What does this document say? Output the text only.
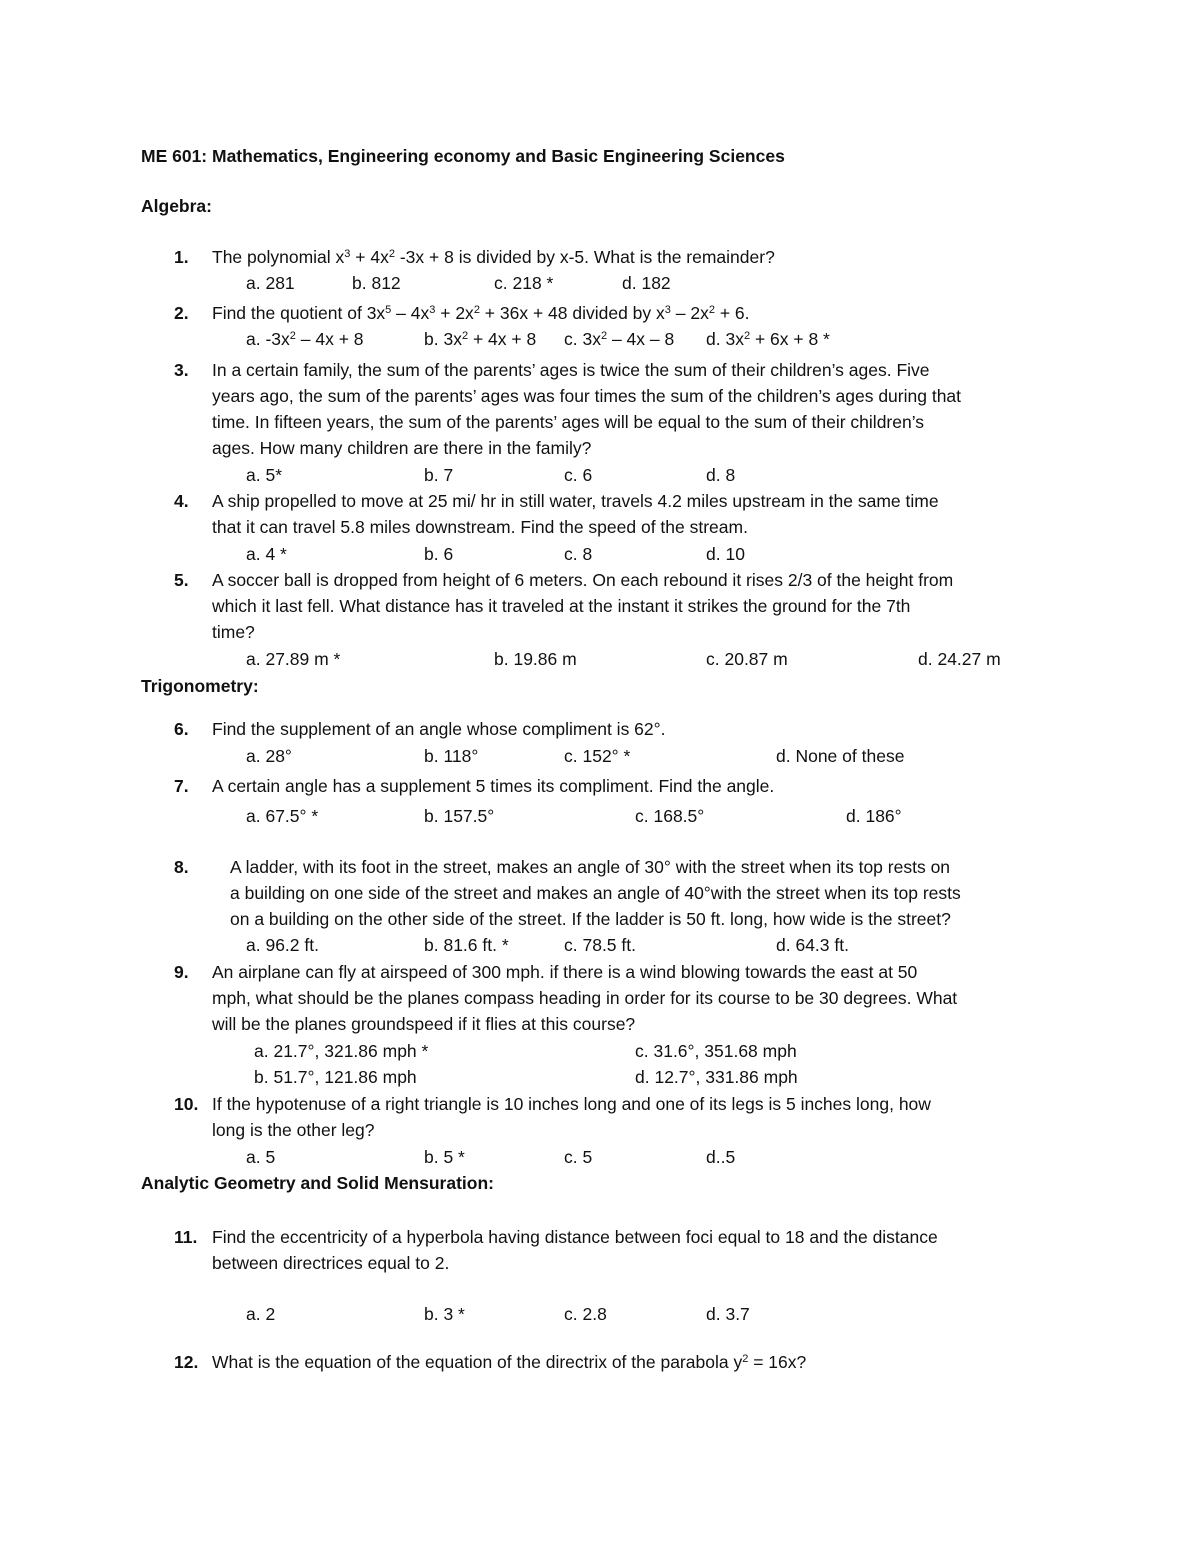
ME 601: Mathematics, Engineering economy and Basic Engineering Sciences
Algebra:
1. The polynomial $x^3 + 4x^2$ -3x + 8 is divided by x-5. What is the remainder?
a. 281	b. 812	c. 218 *	d. 182
2. Find the quotient of $3x^5 - 4x^3 + 2x^2 + 36x + 48$ divided by $x^3 - 2x^2 + 6$.
a. $-3x^2 - 4x + 8$	b. $3x^2 + 4x + 8$ c. $3x^2 - 4x - 8$ d. $3x^2 + 6x + 8$ *
3. In a certain family, the sum of the parents’ ages is twice the sum of their children’s ages. Five
years ago, the sum of the parents’ ages was four times the sum of the children’s ages during that
time. In fifteen years, the sum of the parents’ ages will be equal to the sum of their children’s
ages. How many children are there in the family?
a. 5*	b. 7	c. 6	d. 8
4. A ship propelled to move at 25 mi/ hr in still water, travels 4.2 miles upstream in the same time
that it can travel 5.8 miles downstream. Find the speed of the stream.
a. 4 *	b. 6	c. 8	d. 10
5. A soccer ball is dropped from height of 6 meters. On each rebound it rises 2/3 of the height from
which it last fell. What distance has it traveled at the instant it strikes the ground for the 7th
time?
a. 27.89 m *	b. 19.86 m	c. 20.87 m	d. 24.27 m
Trigonometry:
6. Find the supplement of an angle whose compliment is 62°.
a. 28°	b. 118°	c. 152° *	d. None of these
7. A certain angle has a supplement 5 times its compliment. Find the angle.
a. 67.5° *	b. 157.5°	c. 168.5°	d. 186°
8. A ladder, with its foot in the street, makes an angle of 30° with the street when its top rests on
a building on one side of the street and makes an angle of 40°with the street when its top rests
on a building on the other side of the street. If the ladder is 50 ft. long, how wide is the street?
a. 96.2 ft.	b. 81.6 ft. *	c. 78.5 ft.	d. 64.3 ft.
9. An airplane can fly at airspeed of 300 mph. if there is a wind blowing towards the east at 50
mph, what should be the planes compass heading in order for its course to be 30 degrees. What
will be the planes groundspeed if it flies at this course?
a. 21.7°, 321.86 mph *	c. 31.6°, 351.68 mph
b. 51.7°, 121.86 mph	d. 12.7°, 331.86 mph
10. If the hypotenuse of a right triangle is 10 inches long and one of its legs is 5 inches long, how
long is the other leg?
a. 5	b. 5 *	c. 5	d..5
Analytic Geometry and Solid Mensuration:
11. Find the eccentricity of a hyperbola having distance between foci equal to 18 and the distance
between directrices equal to 2.
a. 2	b. 3 *	c. 2.8	d. 3.7
12. What is the equation of the equation of the directrix of the parabola $y^2 = 16x$?
